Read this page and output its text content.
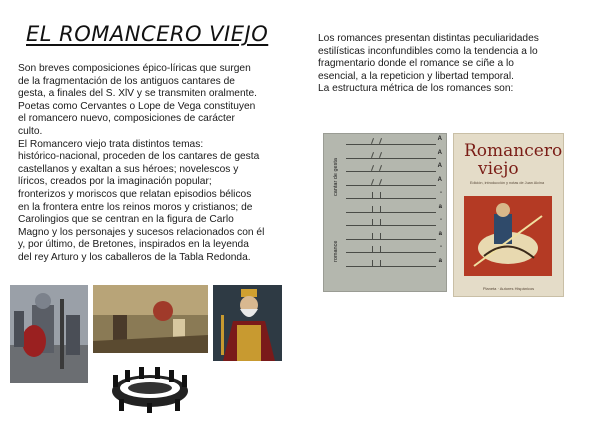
EL ROMANCERO VIEJO

Son breves composiciones épico-líricas que surgen
de la fragmentación de los antiguos cantares de
gesta, a finales del S. XlV y se transmiten oralmente.
Poetas como Cervantes o Lope de Vega constituyen
el romancero nuevo, composiciones de carácter
culto.
El Romancero viejo trata distintos temas:
histórico-nacional, proceden de los cantares de gesta
castellanos y exaltan a sus héroes; novelescos y
líricos, creados por la imaginación popular;
fronterizos y moriscos que relatan episodios bélicos
en la frontera entre los reinos moros y cristianos; de
Carolingios que se centran en la figura de Carlo
Magno y los personajes y sucesos relacionados con él
y, por último, de Bretones, inspirados en la leyenda
del rey Arturo y los caballeros de la Tabla Redonda.

Los romances presentan distintas peculiaridades
estilísticas inconfundibles como la tendencia a lo
fragmentario donde el romance se ciñe a lo
esencial, a la repeticion y libertad temporal.
La estructura métrica de los romances son:

cantar de gesta
romance
A
A
A
A
-
a
-
a
-
a
Romancero
viejo
Edición, introducción y notas de Juan Alcina
Planeta · Autores Hispánicos
